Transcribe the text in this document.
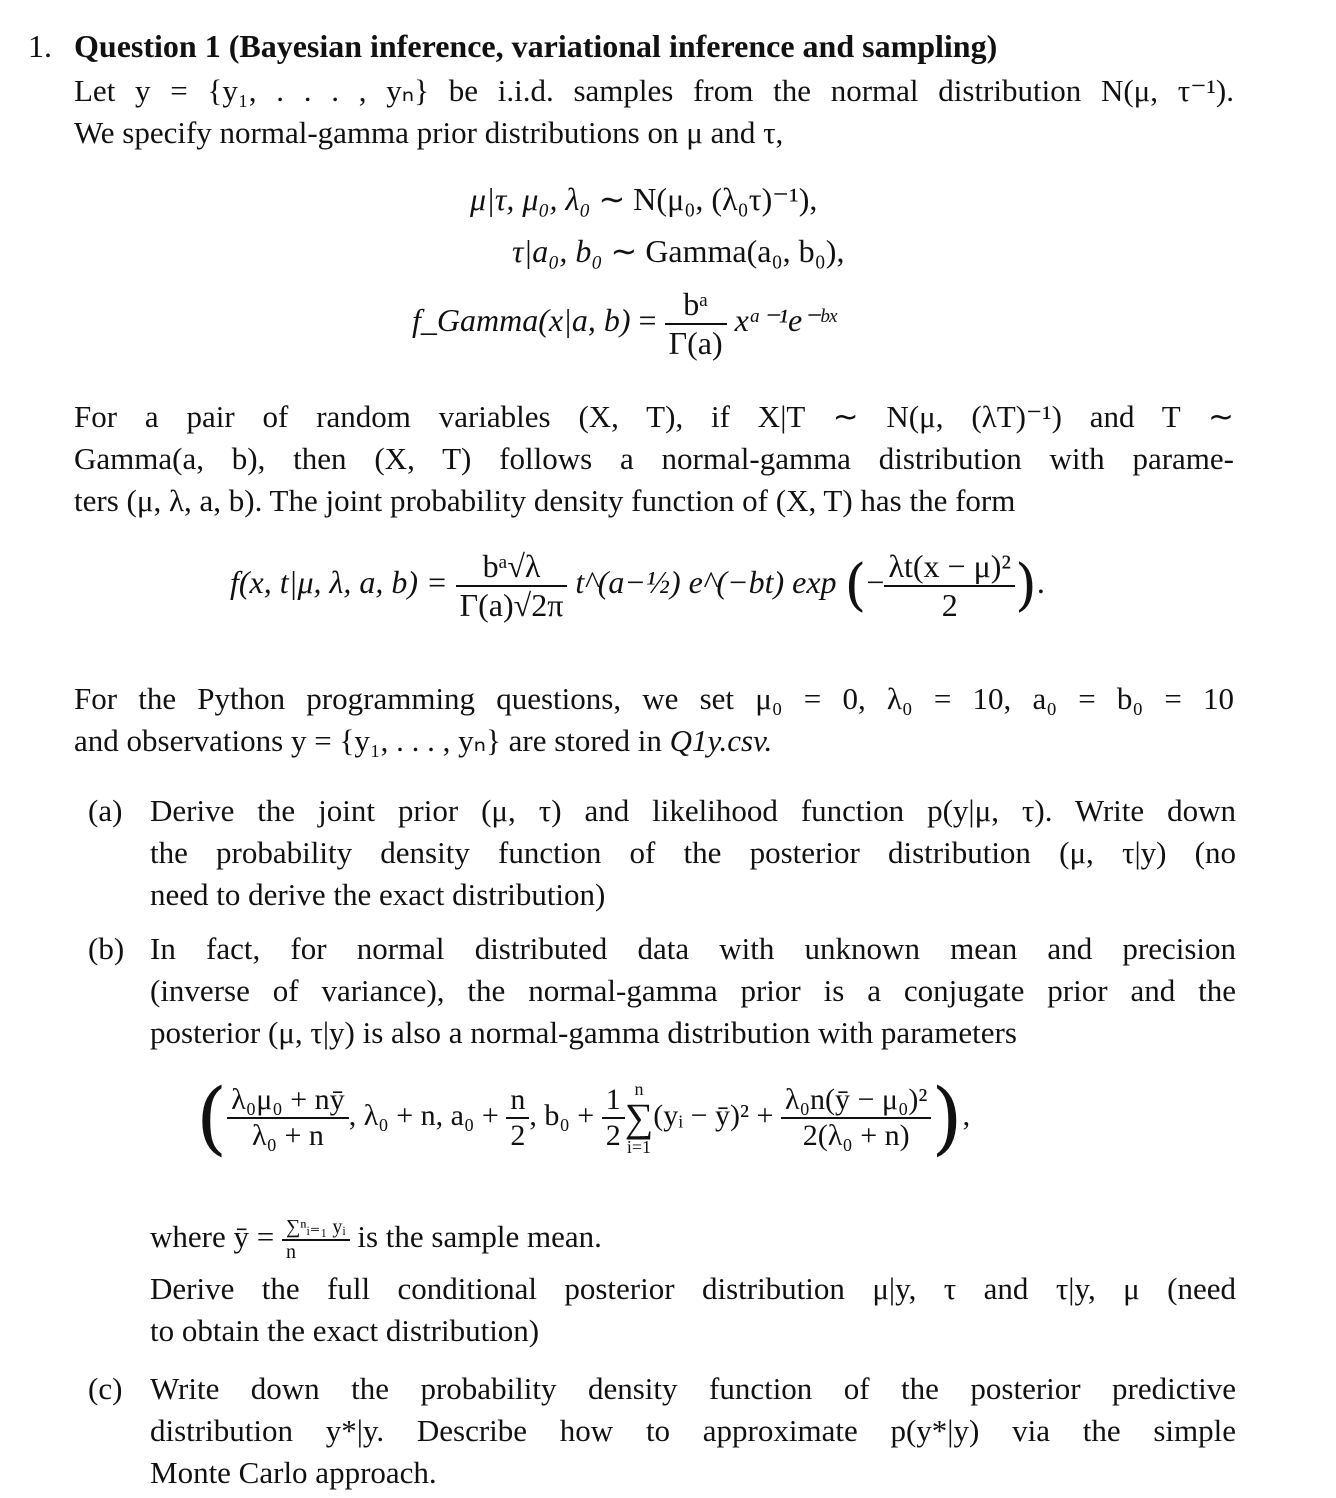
1. Question 1 (Bayesian inference, variational inference and sampling)
Let y = {y₁, . . . , yₙ} be i.i.d. samples from the normal distribution N(μ, τ⁻¹).
We specify normal-gamma prior distributions on μ and τ,
μ|τ, μ₀, λ₀ ∼ N(μ₀, (λ₀τ)⁻¹),
τ|a₀, b₀ ∼ Gamma(a₀, b₀),
f_Gamma(x|a, $b) = \frac{\text{bᵃ}}{\Gamma(a)}$ xᵃ⁻¹e⁻ᵇˣ
For a pair of random variables (X, T), if X|T ∼ N(μ, (λT)⁻¹) and T ∼
Gamma(a, b), then (X, T) follows a normal-gamma distribution with parame-
ters (μ, λ, a, b). The joint probability density function of (X, T) has the form
f(x, t|μ, λ, a, $b) = \frac{\text{bᵃ√λ}}{\Gamma(a)√2\pi}$ t^(a−½) e^(−bt) exp (− $\frac{\text{λt(x − μ)²}}{2}$ ).
For the Python programming questions, we set μ₀ = 0, λ₀ = 10, a₀ = b₀ = 10
and observations y = {y₁, . . . , yₙ} are stored in Q1y.csv.
(a) Derive the joint prior (μ, τ) and likelihood function p(y|μ, τ). Write down
the probability density function of the posterior distribution (μ, τ|y) (no
need to derive the exact distribution)
(b) In fact, for normal distributed data with unknown mean and precision
(inverse of variance), the normal-gamma prior is a conjugate prior and the
posterior (μ, τ|y) is also a normal-gamma distribution with parameters
( $\frac{\text{λ₀μ₀ + nȳ}}{\text{λ₀ + n}}$ , λ₀ + n, $a_0 + \frac{n}{2}$ , $b_0 + \frac{1}{2}$ n
∑
i=1
(yᵢ − ȳ)² + $\frac{\text{λ₀n(ȳ − μ₀)²}}{\text{2(λ₀ + n)}}$ ),
where ȳ = $\frac{\text{∑ⁿᵢ₌₁ yᵢ}}{n}$ is the sample mean.
Derive the full conditional posterior distribution μ|y, τ and τ|y, μ (need
to obtain the exact distribution)
(c) Write down the probability density function of the posterior predictive
distribution y*|y. Describe how to approximate p(y*|y) via the simple
Monte Carlo approach.
